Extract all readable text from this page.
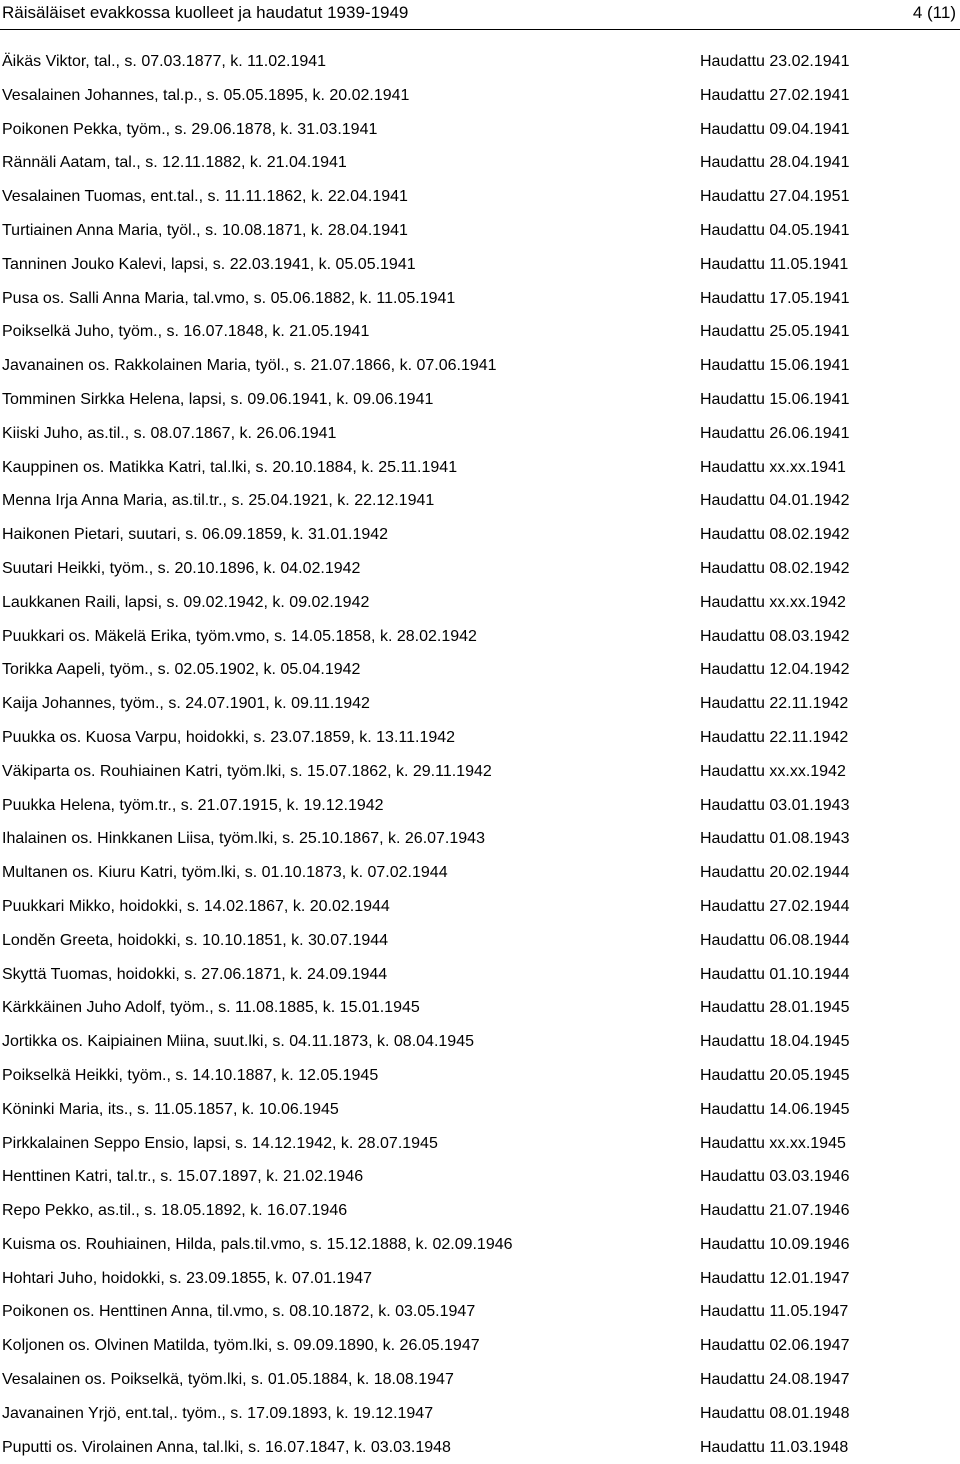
Räisäläiset evakkossa kuolleet ja haudatut 1939-1949	4 (11)
Äikäs Viktor, tal., s. 07.03.1877, k. 11.02.1941	Haudattu 23.02.1941
Vesalainen Johannes, tal.p., s. 05.05.1895, k. 20.02.1941	Haudattu 27.02.1941
Poikonen Pekka, työm., s. 29.06.1878, k. 31.03.1941	Haudattu 09.04.1941
Rännäli Aatam, tal., s. 12.11.1882, k. 21.04.1941	Haudattu 28.04.1941
Vesalainen Tuomas, ent.tal., s. 11.11.1862, k. 22.04.1941	Haudattu 27.04.1951
Turtiainen Anna Maria, työl., s. 10.08.1871, k. 28.04.1941	Haudattu 04.05.1941
Tanninen Jouko Kalevi, lapsi, s. 22.03.1941, k. 05.05.1941	Haudattu 11.05.1941
Pusa os. Salli Anna Maria, tal.vmo, s. 05.06.1882, k. 11.05.1941	Haudattu 17.05.1941
Poikselkä Juho, työm., s. 16.07.1848, k. 21.05.1941	Haudattu 25.05.1941
Javanainen os. Rakkolainen Maria, työl., s. 21.07.1866, k. 07.06.1941	Haudattu 15.06.1941
Tomminen Sirkka Helena, lapsi, s. 09.06.1941, k. 09.06.1941	Haudattu 15.06.1941
Kiiski Juho, as.til., s. 08.07.1867, k. 26.06.1941	Haudattu 26.06.1941
Kauppinen os. Matikka Katri, tal.lki, s. 20.10.1884, k. 25.11.1941	Haudattu xx.xx.1941
Menna Irja Anna Maria, as.til.tr., s. 25.04.1921, k. 22.12.1941	Haudattu 04.01.1942
Haikonen Pietari, suutari, s. 06.09.1859, k. 31.01.1942	Haudattu 08.02.1942
Suutari Heikki, työm., s. 20.10.1896, k. 04.02.1942	Haudattu 08.02.1942
Laukkanen Raili, lapsi, s. 09.02.1942, k. 09.02.1942	Haudattu xx.xx.1942
Puukkari os. Mäkelä Erika, työm.vmo, s. 14.05.1858, k. 28.02.1942	Haudattu 08.03.1942
Torikka Aapeli, työm., s. 02.05.1902, k. 05.04.1942	Haudattu 12.04.1942
Kaija Johannes, työm., s. 24.07.1901, k. 09.11.1942	Haudattu 22.11.1942
Puukka os. Kuosa Varpu, hoidokki, s. 23.07.1859, k. 13.11.1942	Haudattu 22.11.1942
Väkiparta os. Rouhiainen Katri, työm.lki, s. 15.07.1862, k. 29.11.1942	Haudattu xx.xx.1942
Puukka Helena, työm.tr., s. 21.07.1915, k. 19.12.1942	Haudattu 03.01.1943
Ihalainen os. Hinkkanen Liisa, työm.lki, s. 25.10.1867, k. 26.07.1943	Haudattu 01.08.1943
Multanen os. Kiuru Katri, työm.lki, s. 01.10.1873, k. 07.02.1944	Haudattu 20.02.1944
Puukkari Mikko, hoidokki, s. 14.02.1867, k. 20.02.1944	Haudattu 27.02.1944
Londěn Greeta, hoidokki, s. 10.10.1851, k. 30.07.1944	Haudattu 06.08.1944
Skyttä Tuomas, hoidokki, s. 27.06.1871, k. 24.09.1944	Haudattu 01.10.1944
Kärkkäinen Juho Adolf, työm., s. 11.08.1885, k. 15.01.1945	Haudattu 28.01.1945
Jortikka os. Kaipiainen Miina, suut.lki, s. 04.11.1873, k. 08.04.1945	Haudattu 18.04.1945
Poikselkä Heikki, työm., s. 14.10.1887, k. 12.05.1945	Haudattu 20.05.1945
Köninki Maria, its., s. 11.05.1857, k. 10.06.1945	Haudattu 14.06.1945
Pirkkalainen Seppo Ensio, lapsi, s. 14.12.1942, k. 28.07.1945	Haudattu xx.xx.1945
Henttinen Katri, tal.tr., s. 15.07.1897, k. 21.02.1946	Haudattu 03.03.1946
Repo Pekko, as.til., s. 18.05.1892, k. 16.07.1946	Haudattu 21.07.1946
Kuisma os. Rouhiainen, Hilda, pals.til.vmo, s. 15.12.1888, k. 02.09.1946	Haudattu 10.09.1946
Hohtari Juho, hoidokki, s. 23.09.1855, k. 07.01.1947	Haudattu 12.01.1947
Poikonen os. Henttinen Anna, til.vmo, s. 08.10.1872, k. 03.05.1947	Haudattu 11.05.1947
Koljonen os. Olvinen Matilda, työm.lki, s. 09.09.1890, k. 26.05.1947	Haudattu 02.06.1947
Vesalainen os. Poikselkä, työm.lki, s. 01.05.1884, k. 18.08.1947	Haudattu 24.08.1947
Javanainen Yrjö, ent.tal,. työm., s. 17.09.1893, k. 19.12.1947	Haudattu 08.01.1948
Puputti os. Virolainen Anna, tal.lki, s. 16.07.1847, k. 03.03.1948	Haudattu 11.03.1948
